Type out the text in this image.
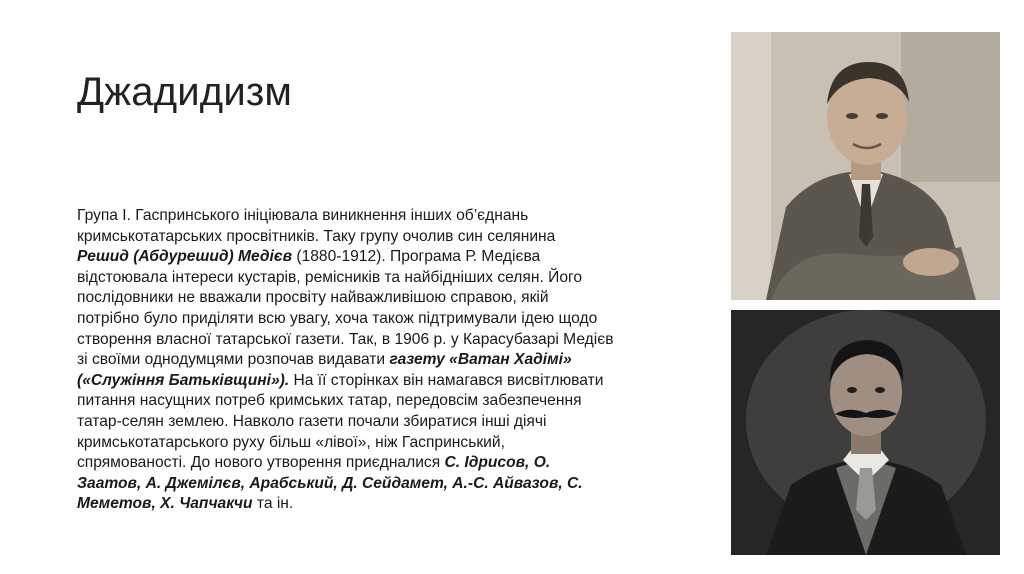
Джадидизм
Група І. Гаспринського ініціювала виникнення інших об’єднань
кримськотатарських просвітників. Таку групу очолив син селянина
Решид (Абдурешид) Медієв (1880-1912). Програма Р. Медієва
відстоювала інтереси кустарів, ремісників та найбідніших селян. Його
послідовники не вважали просвіту найважливішою справою, якій
потрібно було приділяти всю увагу, хоча також підтримували ідею щодо
створення власної татарської газети. Так, в 1906 р. у Карасубазарі Медієв
зі своїми однодумцями розпочав видавати газету «Ватан Хадімі»
(«Служіння Батьківщині»). На її сторінках він намагався висвітлювати
питання насущних потреб кримських татар, передовсім забезпечення
татар-селян землею. Навколо газети почали збиратися інші діячі
кримськотатарського руху більш «лівої», ніж Гаспринський,
спрямованості. До нового утворення приєдналися С. Ідрисов, О.
Заатов, А. Джемілєв, Арабський, Д. Сейдамет, А.-С. Айвазов, С.
Меметов, Х. Чапчакчи та ін.
